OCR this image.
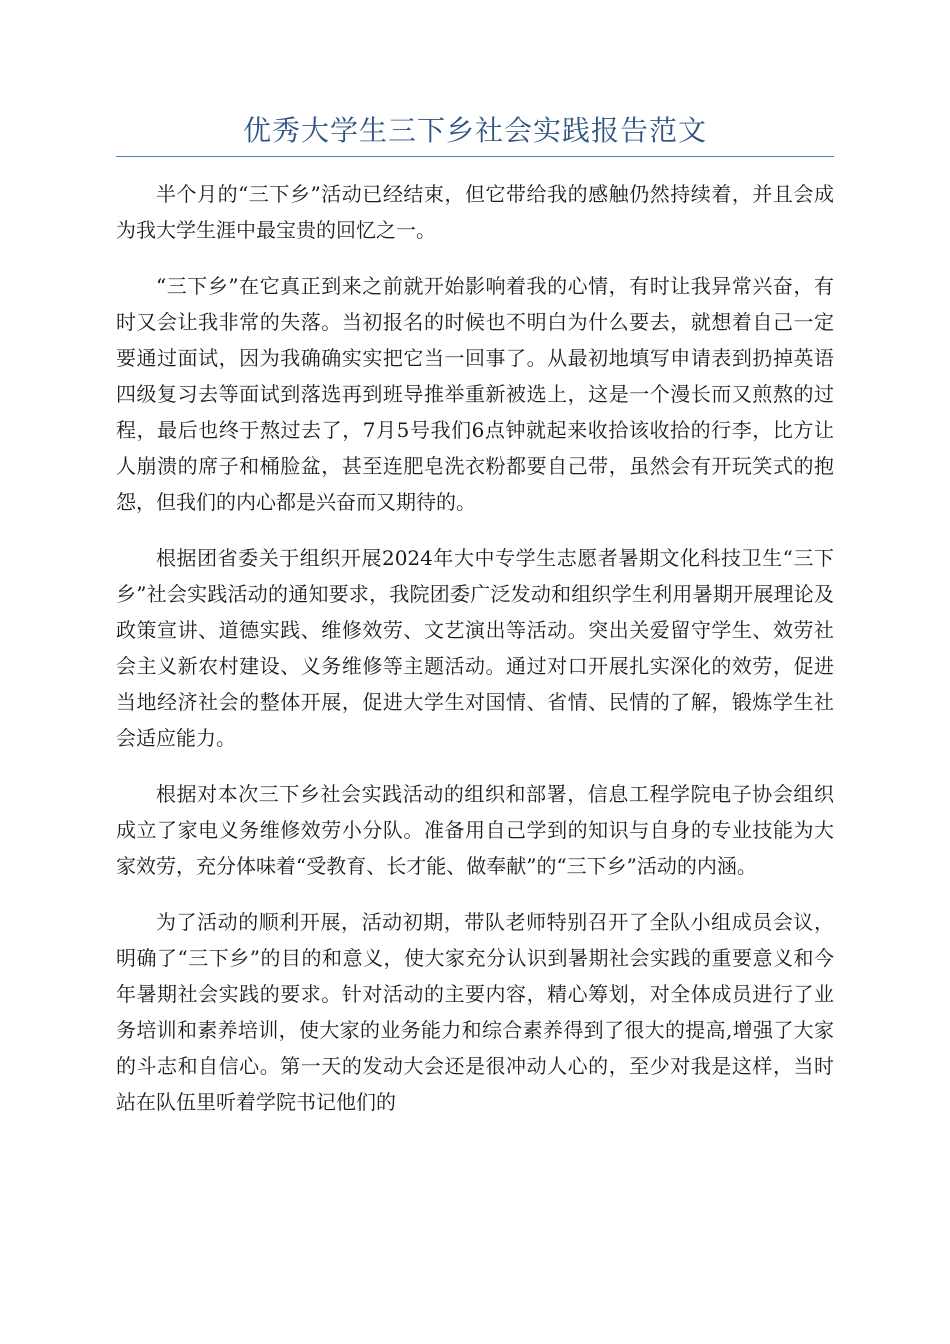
优秀大学生三下乡社会实践报告范文

半个月的“三下乡”活动已经结束，但它带给我的感触仍然持续着，并且会成为我大学生涯中最宝贵的回忆之一。

“三下乡”在它真正到来之前就开始影响着我的心情，有时让我异常兴奋，有时又会让我非常的失落。当初报名的时候也不明白为什么要去，就想着自己一定要通过面试，因为我确确实实把它当一回事了。从最初地填写申请表到扔掉英语四级复习去等面试到落选再到班导推举重新被选上，这是一个漫长而又煎熬的过程，最后也终于熬过去了，7月5号我们6点钟就起来收拾该收拾的行李，比方让人崩溃的席子和桶脸盆，甚至连肥皂洗衣粉都要自己带，虽然会有开玩笑式的抱怨，但我们的内心都是兴奋而又期待的。

根据团省委关于组织开展2024年大中专学生志愿者暑期文化科技卫生“三下乡”社会实践活动的通知要求，我院团委广泛发动和组织学生利用暑期开展理论及政策宣讲、道德实践、维修效劳、文艺演出等活动。突出关爱留守学生、效劳社会主义新农村建设、义务维修等主题活动。通过对口开展扎实深化的效劳，促进当地经济社会的整体开展，促进大学生对国情、省情、民情的了解，锻炼学生社会适应能力。

根据对本次三下乡社会实践活动的组织和部署，信息工程学院电子协会组织成立了家电义务维修效劳小分队。准备用自己学到的知识与自身的专业技能为大家效劳，充分体味着“受教育、长才能、做奉献”的“三下乡”活动的内涵。

为了活动的顺利开展，活动初期，带队老师特别召开了全队小组成员会议，明确了“三下乡”的目的和意义，使大家充分认识到暑期社会实践的重要意义和今年暑期社会实践的要求。针对活动的主要内容，精心筹划，对全体成员进行了业务培训和素养培训，使大家的业务能力和综合素养得到了很大的提高,增强了大家的斗志和自信心。第一天的发动大会还是很冲动人心的，至少对我是这样，当时站在队伍里听着学院书记他们的
